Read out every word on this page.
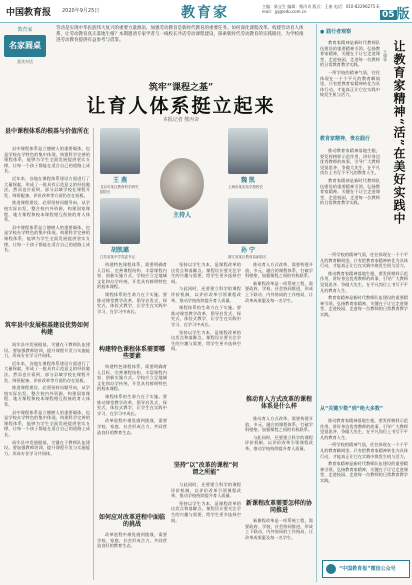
中国教育报 2020年9月25日	教育家	主编：陈宝生 编辑：熊丙奇 版式：王康 电话：010-82296275 E-mail：jyj@edu.com.cn	05 版
教育家
名家圆桌
嘉宾对话
劳动是实现中华民族伟大复兴的重要力量源泉，加强劳动教育是新时代教育的重要任务。如何深化课程改革、构建劳动育人体系，让劳动教育真正落地生根？本期邀请专家学者与一线校长共话劳动课程建设，探索新时代劳动教育的实践路径，为学校推进劳动教育提供有益参考与借鉴。
筑牢“课程之基”
让育人体系挺立起来
本报记者 熊丙奇
王 燕
北京市某区教育科学研究院院长
魏 凯
上海市某实验学校校长
主持人
胡凯璐
江苏省某中学党委书记
孙 宁
浙江省某区教育局副局长
县中课程体系的根基与价值所在

县中课程体系是立德树人的重要载体，也是学校办学特色的集中体现。构建科学完善的课程体系，能够为学生全面发展提供坚实支撑，让每一个孩子都能在适合自己的道路上成长。

近年来，各地在课程体系建设方面进行了大量探索，形成了一批具有示范意义的经验做法。然而也应看到，部分县域学校在课程开发、师资配备、评价改革等方面仍存在短板。

推进课程建设，必须坚持问题导向，从学校实际出发，整合校内外资源，构建国家课程、地方课程和校本课程相互衔接的育人体系。

县中课程体系是立德树人的重要载体，也是学校办学特色的集中体现。构建科学完善的课程体系，能够为学生全面发展提供坚实支撑，让每一个孩子都能在适合自己的道路上成长。

筑牢县中发展根基建设优势如何构建

筑牢县中发展根基，关键在于教师队伍建设。要加强教师培训，提升课程开发与实施能力，形成专业学习共同体。

近年来，各地在课程体系建设方面进行了大量探索，形成了一批具有示范意义的经验做法。然而也应看到，部分县域学校在课程开发、师资配备、评价改革等方面仍存在短板。

推进课程建设，必须坚持问题导向，从学校实际出发，整合校内外资源，构建国家课程、地方课程和校本课程相互衔接的育人体系。

县中课程体系是立德树人的重要载体，也是学校办学特色的集中体现。构建科学完善的课程体系，能够为学生全面发展提供坚实支撑，让每一个孩子都能在适合自己的道路上成长。

筑牢县中发展根基，关键在于教师队伍建设。要加强教师培训，提升课程开发与实施能力，形成专业学习共同体。

构建特色课程体系，需要明确育人目标、完善课程结构、丰富课程内容、创新实施方式。学校应立足地域文化和办学传统，开发具有鲜明特色的校本课程。

课程体系的生命力在于实施。要推动课堂教学改革，倡导启发式、探究式、体验式教学，让学生在实践中学习，在学习中成长。

构建特色课程体系需要哪些要素

构建特色课程体系，需要明确育人目标、完善课程结构、丰富课程内容、创新实施方式。学校应立足地域文化和办学传统，开发具有鲜明特色的校本课程。

课程体系的生命力在于实施。要推动课堂教学改革，倡导启发式、探究式、体验式教学，让学生在实践中学习，在学习中成长。

改革进程中难免遇到挑战，需要学校、家庭、社会形成合力，共同营造良好的教育生态。

如何应对改革进程中面临的挑战

改革进程中难免遇到挑战，需要学校、家庭、社会形成合力，共同营造良好的教育生态。

坚持以学生为本，是课程改革的出发点和落脚点。课程设计要关注学生的兴趣与需要，给学生更多选择空间。

与此同时，还要建立科学的课程评价机制，以评价改革引领课程改革，推动学校持续提升育人质量。

课程体系的生命力在于实施。要推动课堂教学改革，倡导启发式、探究式、体验式教学，让学生在实践中学习，在学习中成长。

坚持以学生为本，是课程改革的出发点和落脚点。课程设计要关注学生的兴趣与需要，给学生更多选择空间。

坚持“以”改革的课程“何谓之所能”

与此同时，还要建立科学的课程评价机制，以评价改革引领课程改革，推动学校持续提升育人质量。

坚持以学生为本，是课程改革的出发点和落脚点。课程设计要关注学生的兴趣与需要，给学生更多选择空间。

推动育人方式改革，需要构建开放、多元、融合的课程体系，打破学科壁垒，加强课程之间的有机联系。

新课程改革是一项系统工程，需要政府、学校、社会协同推进，形成上下联动、内外协同的工作格局，让改革成果惠及每一名学生。

推动育人方式改革的课程体系是什么样

推动育人方式改革，需要构建开放、多元、融合的课程体系，打破学科壁垒，加强课程之间的有机联系。

与此同时，还要建立科学的课程评价机制，以评价改革引领课程改革，推动学校持续提升育人质量。

新课程改革需要怎样的协同推进

新课程改革是一项系统工程，需要政府、学校、社会协同推进，形成上下联动、内外协同的工作格局，让改革成果惠及每一名学生。

● 践行者观察
让教育家精神“活”在美好实践中
王建华

教育家精神是新时代教师队伍建设的重要精神引领。弘扬教育家精神，关键在于让它走进课堂、走进校园、走进每一位教师的日常教育教学实践。

一所学校的精神气质，往往体现在一个个平凡的教育瞬间里。只有把教育家精神转化为具体行动，才能真正让它在实践中焕发生机与活力。

教育家精神，贵在践行

推动教育家精神落地生根，要发挥榜样示范作用，讲好身边优秀教师的故事，引导广大教师见贤思齐、争做大先生，在平凡岗位上书写不平凡的教育人生。

教育家精神是新时代教师队伍建设的重要精神引领。弘扬教育家精神，关键在于让它走进课堂、走进校园、走进每一位教师的日常教育教学实践。

一所学校的精神气质，往往体现在一个个平凡的教育瞬间里。只有把教育家精神转化为具体行动，才能真正让它在实践中焕发生机与活力。

推动教育家精神落地生根，要发挥榜样示范作用，讲好身边优秀教师的故事，引导广大教师见贤思齐、争做大先生，在平凡岗位上书写不平凡的教育人生。

教育家精神是新时代教师队伍建设的重要精神引领。弘扬教育家精神，关键在于让它走进课堂、走进校园、走进每一位教师的日常教育教学实践。

从“关键少数”到“绝大多数”

推动教育家精神落地生根，要发挥榜样示范作用，讲好身边优秀教师的故事，引导广大教师见贤思齐、争做大先生，在平凡岗位上书写不平凡的教育人生。

一所学校的精神气质，往往体现在一个个平凡的教育瞬间里。只有把教育家精神转化为具体行动，才能真正让它在实践中焕发生机与活力。

教育家精神是新时代教师队伍建设的重要精神引领。弘扬教育家精神，关键在于让它走进课堂、走进校园、走进每一位教师的日常教育教学实践。

“中国教育报”微信公众号
